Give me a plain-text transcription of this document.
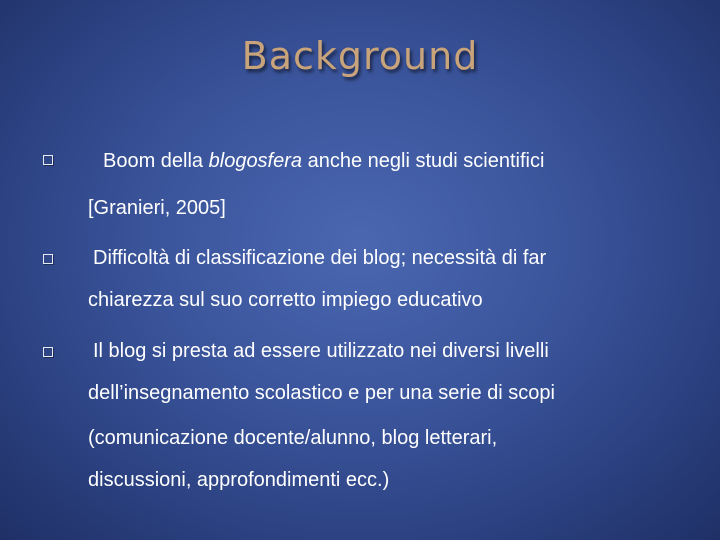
Background
Boom della blogosfera anche negli studi scientifici
[Granieri, 2005]
Difficoltà di classificazione dei blog; necessità di far
chiarezza sul suo corretto impiego educativo
Il blog si presta ad essere utilizzato nei diversi livelli
dell’insegnamento scolastico e per una serie di scopi
(comunicazione docente/alunno, blog letterari,
discussioni, approfondimenti ecc.)
